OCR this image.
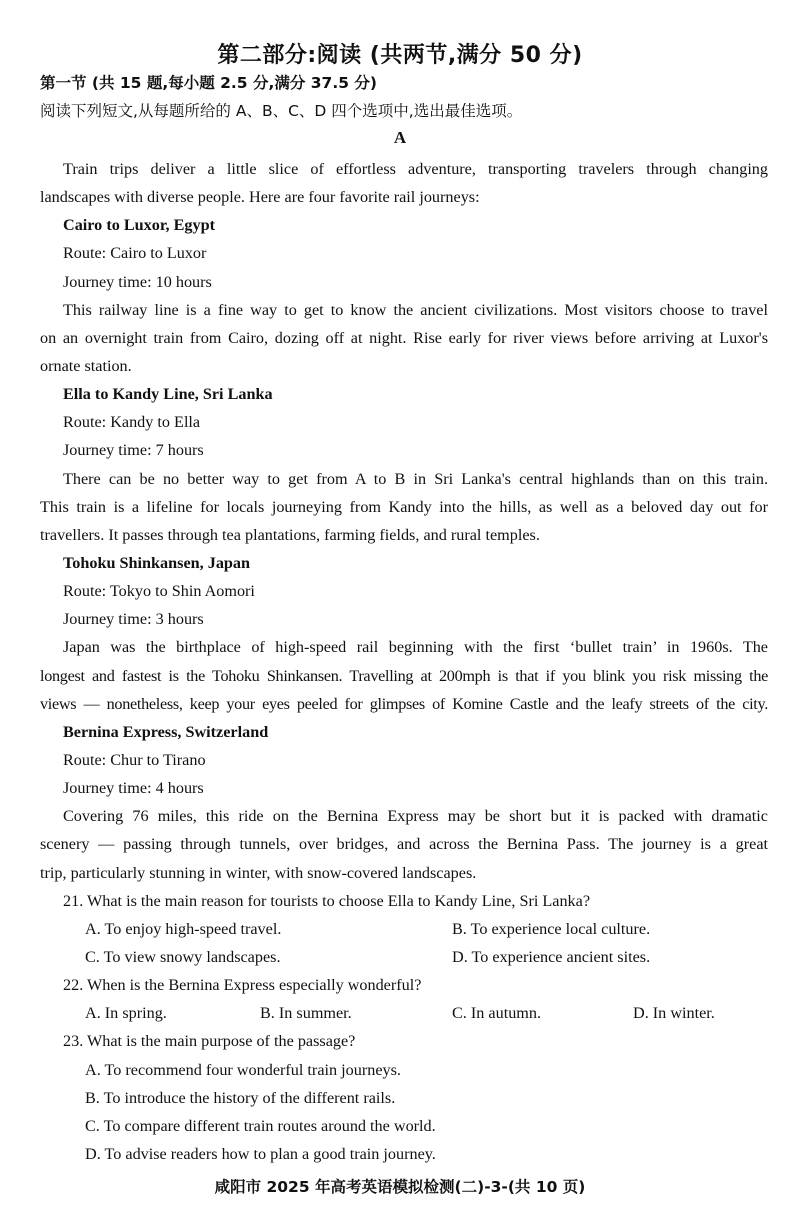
第二部分:阅读 (共两节,满分 50 分)
第一节 (共 15 题,每小题 2.5 分,满分 37.5 分)
阅读下列短文,从每题所给的 A、B、C、D 四个选项中,选出最佳选项。
A
Train trips deliver a little slice of effortless adventure, transporting travelers through changing
landscapes with diverse people. Here are four favorite rail journeys:
Cairo to Luxor, Egypt
Route: Cairo to Luxor
Journey time: 10 hours
This railway line is a fine way to get to know the ancient civilizations. Most visitors choose to travel
on an overnight train from Cairo, dozing off at night. Rise early for river views before arriving at Luxor's
ornate station.
Ella to Kandy Line, Sri Lanka
Route: Kandy to Ella
Journey time: 7 hours
There can be no better way to get from A to B in Sri Lanka's central highlands than on this train.
This train is a lifeline for locals journeying from Kandy into the hills, as well as a beloved day out for
travellers. It passes through tea plantations, farming fields, and rural temples.
Tohoku Shinkansen, Japan
Route: Tokyo to Shin Aomori
Journey time: 3 hours
Japan was the birthplace of high-speed rail beginning with the first ‘bullet train’ in 1960s. The
longest and fastest is the Tohoku Shinkansen. Travelling at 200mph is that if you blink you risk missing the
views — nonetheless, keep your eyes peeled for glimpses of Komine Castle and the leafy streets of the city.
Bernina Express, Switzerland
Route: Chur to Tirano
Journey time: 4 hours
Covering 76 miles, this ride on the Bernina Express may be short but it is packed with dramatic
scenery — passing through tunnels, over bridges, and across the Bernina Pass. The journey is a great
trip, particularly stunning in winter, with snow-covered landscapes.
21. What is the main reason for tourists to choose Ella to Kandy Line, Sri Lanka?
A. To enjoy high-speed travel.	B. To experience local culture.
C. To view snowy landscapes.	D. To experience ancient sites.
22. When is the Bernina Express especially wonderful?
A. In spring.	B. In summer.	C. In autumn.	D. In winter.
23. What is the main purpose of the passage?
A. To recommend four wonderful train journeys.
B. To introduce the history of the different rails.
C. To compare different train routes around the world.
D. To advise readers how to plan a good train journey.
咸阳市 2025 年高考英语模拟检测(二)-3-(共 10 页)
